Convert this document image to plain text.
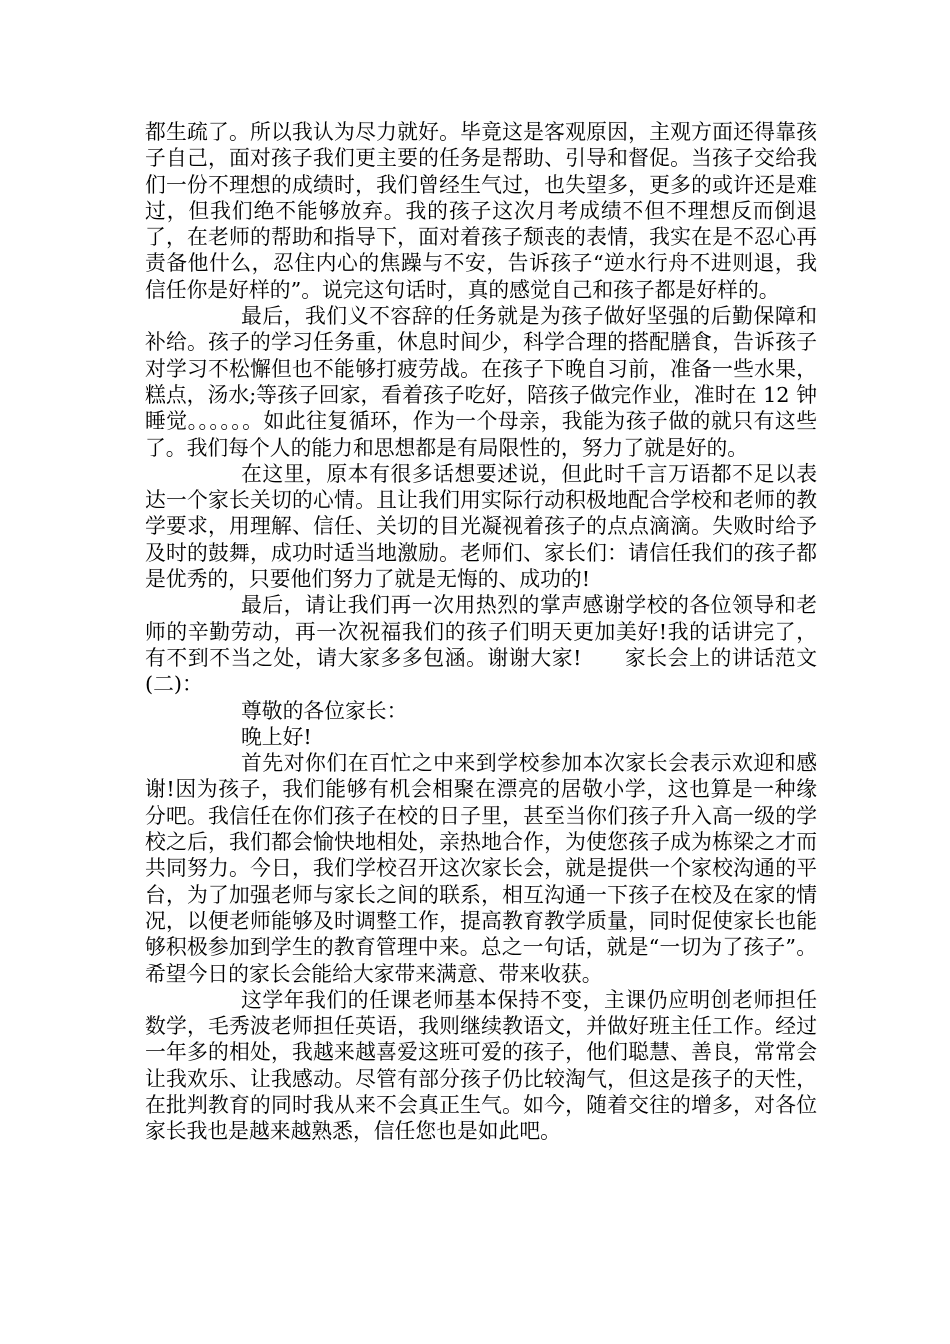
都生疏了。所以我认为尽力就好。毕竟这是客观原因，主观方面还得靠孩子自己，面对孩子我们更主要的任务是帮助、引导和督促。当孩子交给我们一份不理想的成绩时，我们曾经生气过，也失望多，更多的或许还是难过，但我们绝不能够放弃。我的孩子这次月考成绩不但不理想反而倒退了，在老师的帮助和指导下，面对着孩子颓丧的表情，我实在是不忍心再责备他什么，忍住内心的焦躁与不安，告诉孩子“逆水行舟不进则退，我信任你是好样的”。说完这句话时，真的感觉自己和孩子都是好样的。

最后，我们义不容辞的任务就是为孩子做好坚强的后勤保障和补给。孩子的学习任务重，休息时间少，科学合理的搭配膳食，告诉孩子对学习不松懈但也不能够打疲劳战。在孩子下晚自习前，准备一些水果，糕点，汤水;等孩子回家，看着孩子吃好，陪孩子做完作业，准时在 12 钟睡觉。。。。。。如此往复循环，作为一个母亲，我能为孩子做的就只有这些了。我们每个人的能力和思想都是有局限性的，努力了就是好的。

在这里，原本有很多话想要述说，但此时千言万语都不足以表达一个家长关切的心情。且让我们用实际行动积极地配合学校和老师的教学要求，用理解、信任、关切的目光凝视着孩子的点点滴滴。失败时给予及时的鼓舞，成功时适当地激励。老师们、家长们：请信任我们的孩子都是优秀的，只要他们努力了就是无悔的、成功的!

最后，请让我们再一次用热烈的掌声感谢学校的各位领导和老师的辛勤劳动，再一次祝福我们的孩子们明天更加美好!我的话讲完了，有不到不当之处，请大家多多包涵。谢谢大家!　　家长会上的讲话范文(二)：

尊敬的各位家长：

晚上好!

首先对你们在百忙之中来到学校参加本次家长会表示欢迎和感谢!因为孩子，我们能够有机会相聚在漂亮的居敬小学，这也算是一种缘分吧。我信任在你们孩子在校的日子里，甚至当你们孩子升入高一级的学校之后，我们都会愉快地相处，亲热地合作，为使您孩子成为栋梁之才而共同努力。今日，我们学校召开这次家长会，就是提供一个家校沟通的平台，为了加强老师与家长之间的联系，相互沟通一下孩子在校及在家的情况，以便老师能够及时调整工作，提高教育教学质量，同时促使家长也能够积极参加到学生的教育管理中来。总之一句话，就是“一切为了孩子”。希望今日的家长会能给大家带来满意、带来收获。

这学年我们的任课老师基本保持不变，主课仍应明创老师担任数学，毛秀波老师担任英语，我则继续教语文，并做好班主任工作。经过一年多的相处，我越来越喜爱这班可爱的孩子，他们聪慧、善良，常常会让我欢乐、让我感动。尽管有部分孩子仍比较淘气，但这是孩子的天性，在批判教育的同时我从来不会真正生气。如今，随着交往的增多，对各位家长我也是越来越熟悉，信任您也是如此吧。
